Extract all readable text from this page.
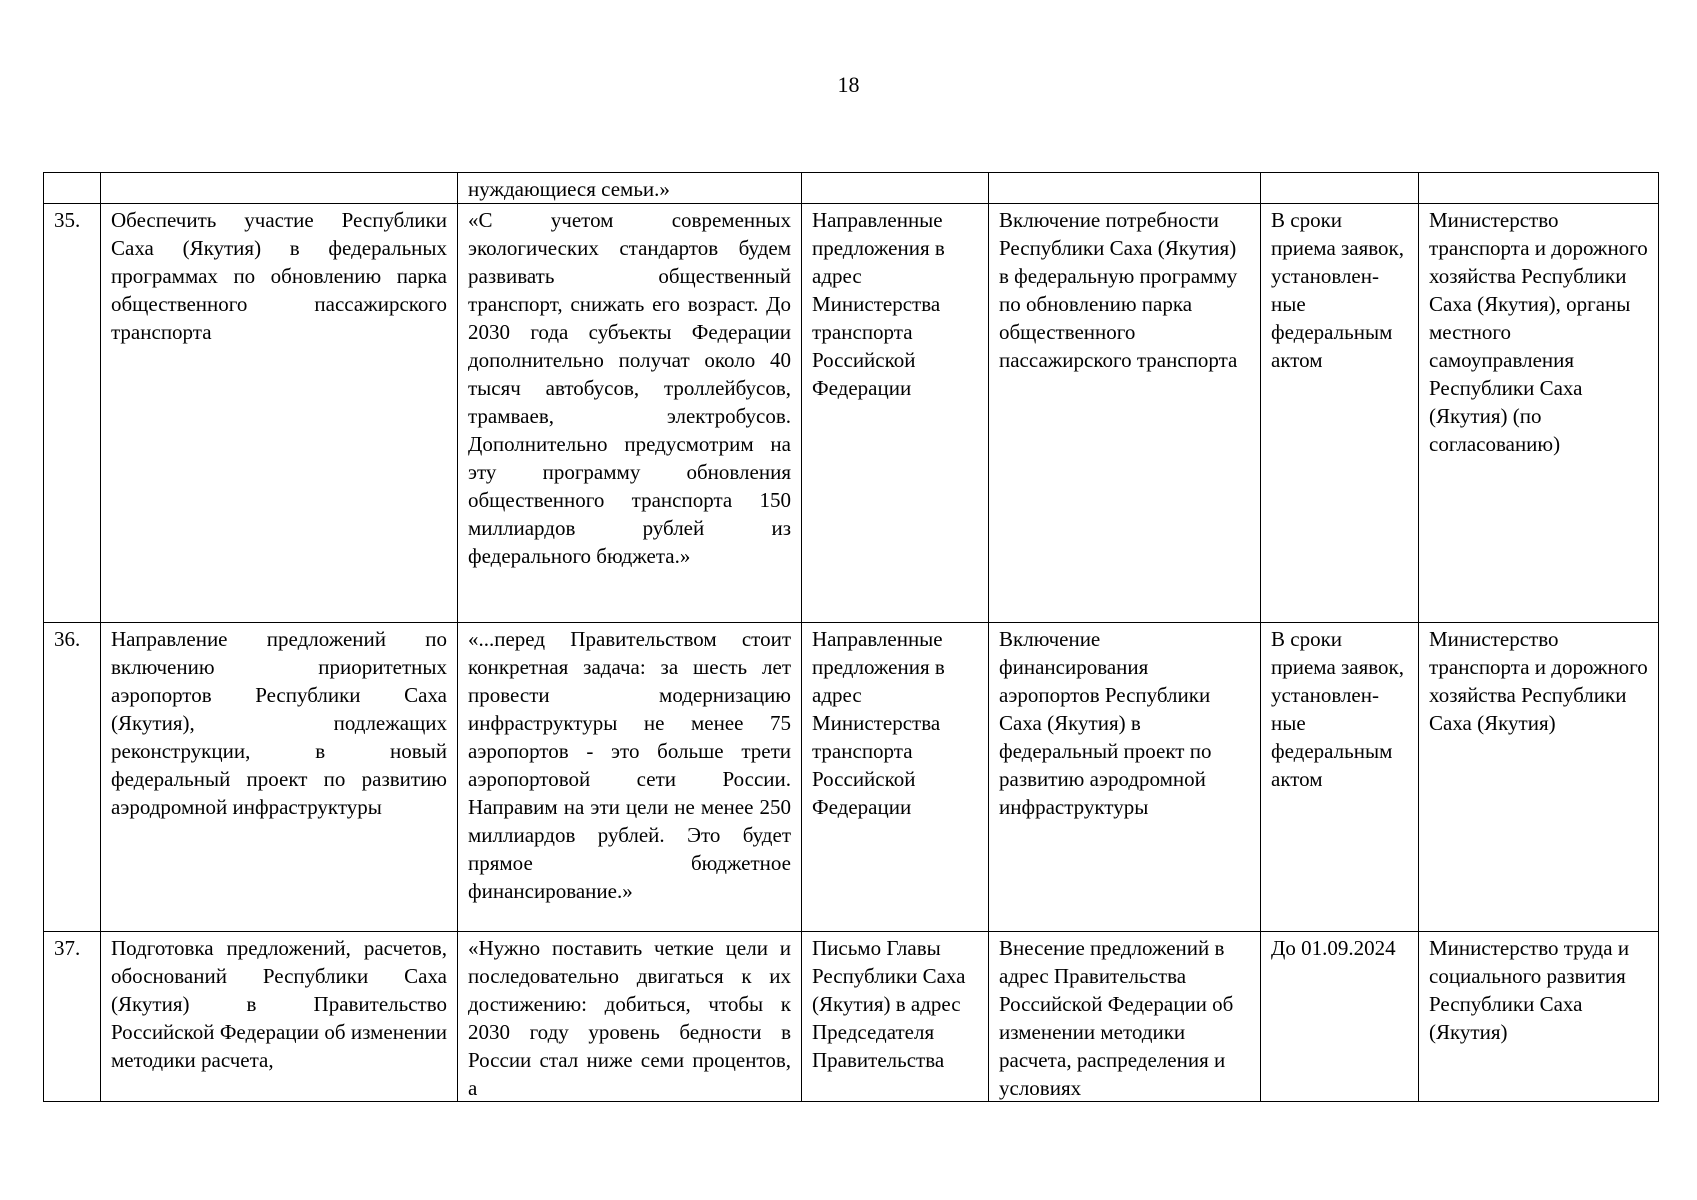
18

		нуждающиеся семьи.»				

35.	Обеспечить участие Республики Саха (Якутия) в федеральных программах по обновлению парка общественного пассажирского транспорта	«С учетом современных экологических стандартов будем развивать общественный транспорт, снижать его возраст. До 2030 года субъекты Федерации дополнительно получат около 40 тысяч автобусов, троллейбусов, трамваев, электробусов. Дополнительно предусмотрим на эту программу обновления общественного транспорта 150 миллиардов рублей из федерального бюджета.»	Направленные предложения в адрес Министерства транспорта Российской Федерации	Включение потребности Республики Саха (Якутия) в федеральную программу по обновлению парка общественного пассажирского транспорта	В сроки приема заявок, установлен-ные федеральным актом	Министерство транспорта и дорожного хозяйства Республики Саха (Якутия), органы местного самоуправления Республики Саха (Якутия) (по согласованию)

36.	Направление предложений по включению приоритетных аэропортов Республики Саха (Якутия), подлежащих реконструкции, в новый федеральный проект по развитию аэродромной инфраструктуры	«...перед Правительством стоит конкретная задача: за шесть лет провести модернизацию инфраструктуры не менее 75 аэропортов - это больше трети аэропортовой сети России. Направим на эти цели не менее 250 миллиардов рублей. Это будет прямое бюджетное финансирование.»	Направленные предложения в адрес Министерства транспорта Российской Федерации	Включение финансирования аэропортов Республики Саха (Якутия) в федеральный проект по развитию аэродромной инфраструктуры	В сроки приема заявок, установлен-ные федеральным актом	Министерство транспорта и дорожного хозяйства Республики Саха (Якутия)

37.	Подготовка предложений, расчетов, обоснований Республики Саха (Якутия) в Правительство Российской Федерации об изменении методики расчета,	«Нужно поставить четкие цели и последовательно двигаться к их достижению: добиться, чтобы к 2030 году уровень бедности в России стал ниже семи процентов, а	Письмо Главы Республики Саха (Якутия) в адрес Председателя Правительства	Внесение предложений в адрес Правительства Российской Федерации об изменении методики расчета, распределения и условиях	До 01.09.2024	Министерство труда и социального развития Республики Саха (Якутия)
